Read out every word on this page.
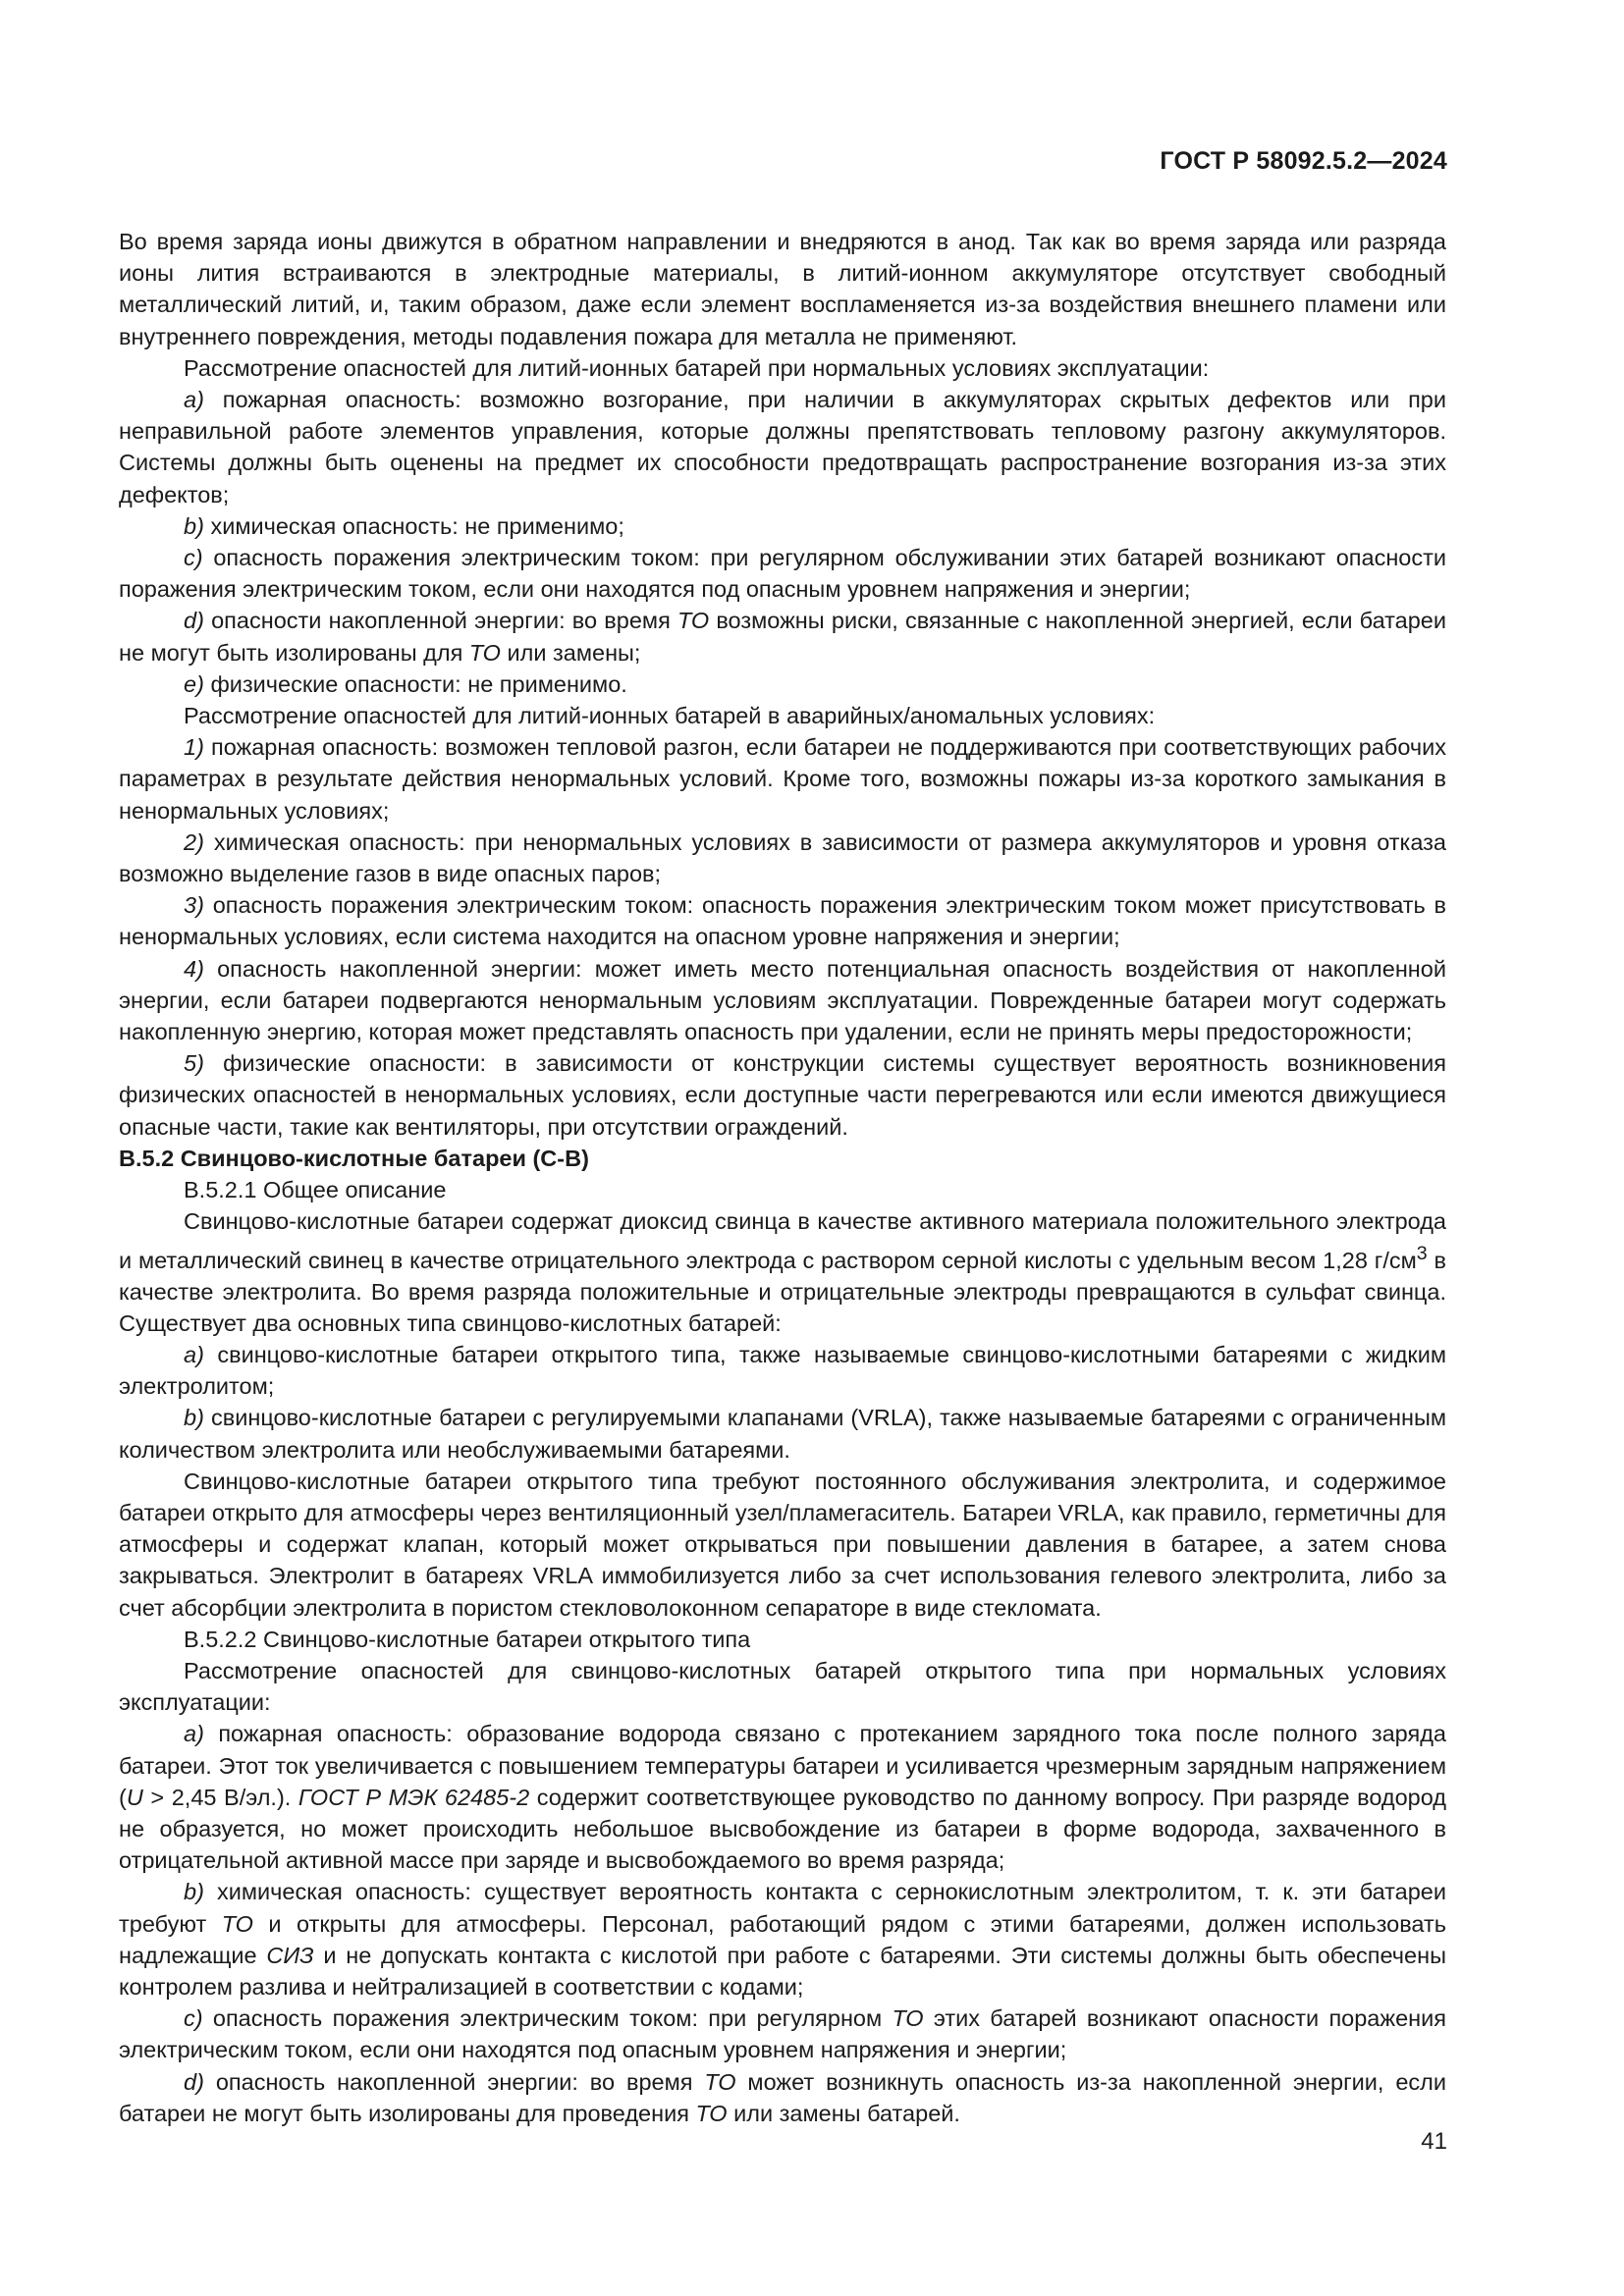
ГОСТ Р 58092.5.2—2024

Во время заряда ионы движутся в обратном направлении и внедряются в анод. Так как во время заряда или разряда ионы лития встраиваются в электродные материалы, в литий-ионном аккумуляторе отсутствует свободный металлический литий, и, таким образом, даже если элемент воспламеняется из-за воздействия внешнего пламени или внутреннего повреждения, методы подавления пожара для металла не применяют.

Рассмотрение опасностей для литий-ионных батарей при нормальных условиях эксплуатации:

a) пожарная опасность: возможно возгорание, при наличии в аккумуляторах скрытых дефектов или при неправильной работе элементов управления, которые должны препятствовать тепловому разгону аккумуляторов. Системы должны быть оценены на предмет их способности предотвращать распространение возгорания из-за этих дефектов;

b) химическая опасность: не применимо;

c) опасность поражения электрическим током: при регулярном обслуживании этих батарей возникают опасности поражения электрическим током, если они находятся под опасным уровнем напряжения и энергии;

d) опасности накопленной энергии: во время ТО возможны риски, связанные с накопленной энергией, если батареи не могут быть изолированы для ТО или замены;

e) физические опасности: не применимо.

Рассмотрение опасностей для литий-ионных батарей в аварийных/аномальных условиях:

1) пожарная опасность: возможен тепловой разгон, если батареи не поддерживаются при соответствующих рабочих параметрах в результате действия ненормальных условий. Кроме того, возможны пожары из-за короткого замыкания в ненормальных условиях;

2) химическая опасность: при ненормальных условиях в зависимости от размера аккумуляторов и уровня отказа возможно выделение газов в виде опасных паров;

3) опасность поражения электрическим током: опасность поражения электрическим током может присутствовать в ненормальных условиях, если система находится на опасном уровне напряжения и энергии;

4) опасность накопленной энергии: может иметь место потенциальная опасность воздействия от накопленной энергии, если батареи подвергаются ненормальным условиям эксплуатации. Поврежденные батареи могут содержать накопленную энергию, которая может представлять опасность при удалении, если не принять меры предосторожности;

5) физические опасности: в зависимости от конструкции системы существует вероятность возникновения физических опасностей в ненормальных условиях, если доступные части перегреваются или если имеются движущиеся опасные части, такие как вентиляторы, при отсутствии ограждений.

В.5.2 Свинцово-кислотные батареи (С-В)

В.5.2.1 Общее описание

Свинцово-кислотные батареи содержат диоксид свинца в качестве активного материала положительного электрода и металлический свинец в качестве отрицательного электрода с раствором серной кислоты с удельным весом 1,28 $г/см^3$ в качестве электролита. Во время разряда положительные и отрицательные электроды превращаются в сульфат свинца. Существует два основных типа свинцово-кислотных батарей:

a) свинцово-кислотные батареи открытого типа, также называемые свинцово-кислотными батареями с жидким электролитом;

b) свинцово-кислотные батареи с регулируемыми клапанами (VRLA), также называемые батареями с ограниченным количеством электролита или необслуживаемыми батареями.

Свинцово-кислотные батареи открытого типа требуют постоянного обслуживания электролита, и содержимое батареи открыто для атмосферы через вентиляционный узел/пламегаситель. Батареи VRLA, как правило, герметичны для атмосферы и содержат клапан, который может открываться при повышении давления в батарее, а затем снова закрываться. Электролит в батареях VRLA иммобилизуется либо за счет использования гелевого электролита, либо за счет абсорбции электролита в пористом стекловолоконном сепараторе в виде стекломата.

В.5.2.2 Свинцово-кислотные батареи открытого типа

Рассмотрение опасностей для свинцово-кислотных батарей открытого типа при нормальных условиях эксплуатации:

a) пожарная опасность: образование водорода связано с протеканием зарядного тока после полного заряда батареи. Этот ток увеличивается с повышением температуры батареи и усиливается чрезмерным зарядным напряжением (U > 2,45 В/эл.). ГОСТ Р МЭК 62485-2 содержит соответствующее руководство по данному вопросу. При разряде водород не образуется, но может происходить небольшое высвобождение из батареи в форме водорода, захваченного в отрицательной активной массе при заряде и высвобождаемого во время разряда;

b) химическая опасность: существует вероятность контакта с сернокислотным электролитом, т. к. эти батареи требуют ТО и открыты для атмосферы. Персонал, работающий рядом с этими батареями, должен использовать надлежащие СИЗ и не допускать контакта с кислотой при работе с батареями. Эти системы должны быть обеспечены контролем разлива и нейтрализацией в соответствии с кодами;

c) опасность поражения электрическим током: при регулярном ТО этих батарей возникают опасности поражения электрическим током, если они находятся под опасным уровнем напряжения и энергии;

d) опасность накопленной энергии: во время ТО может возникнуть опасность из-за накопленной энергии, если батареи не могут быть изолированы для проведения ТО или замены батарей.

41
